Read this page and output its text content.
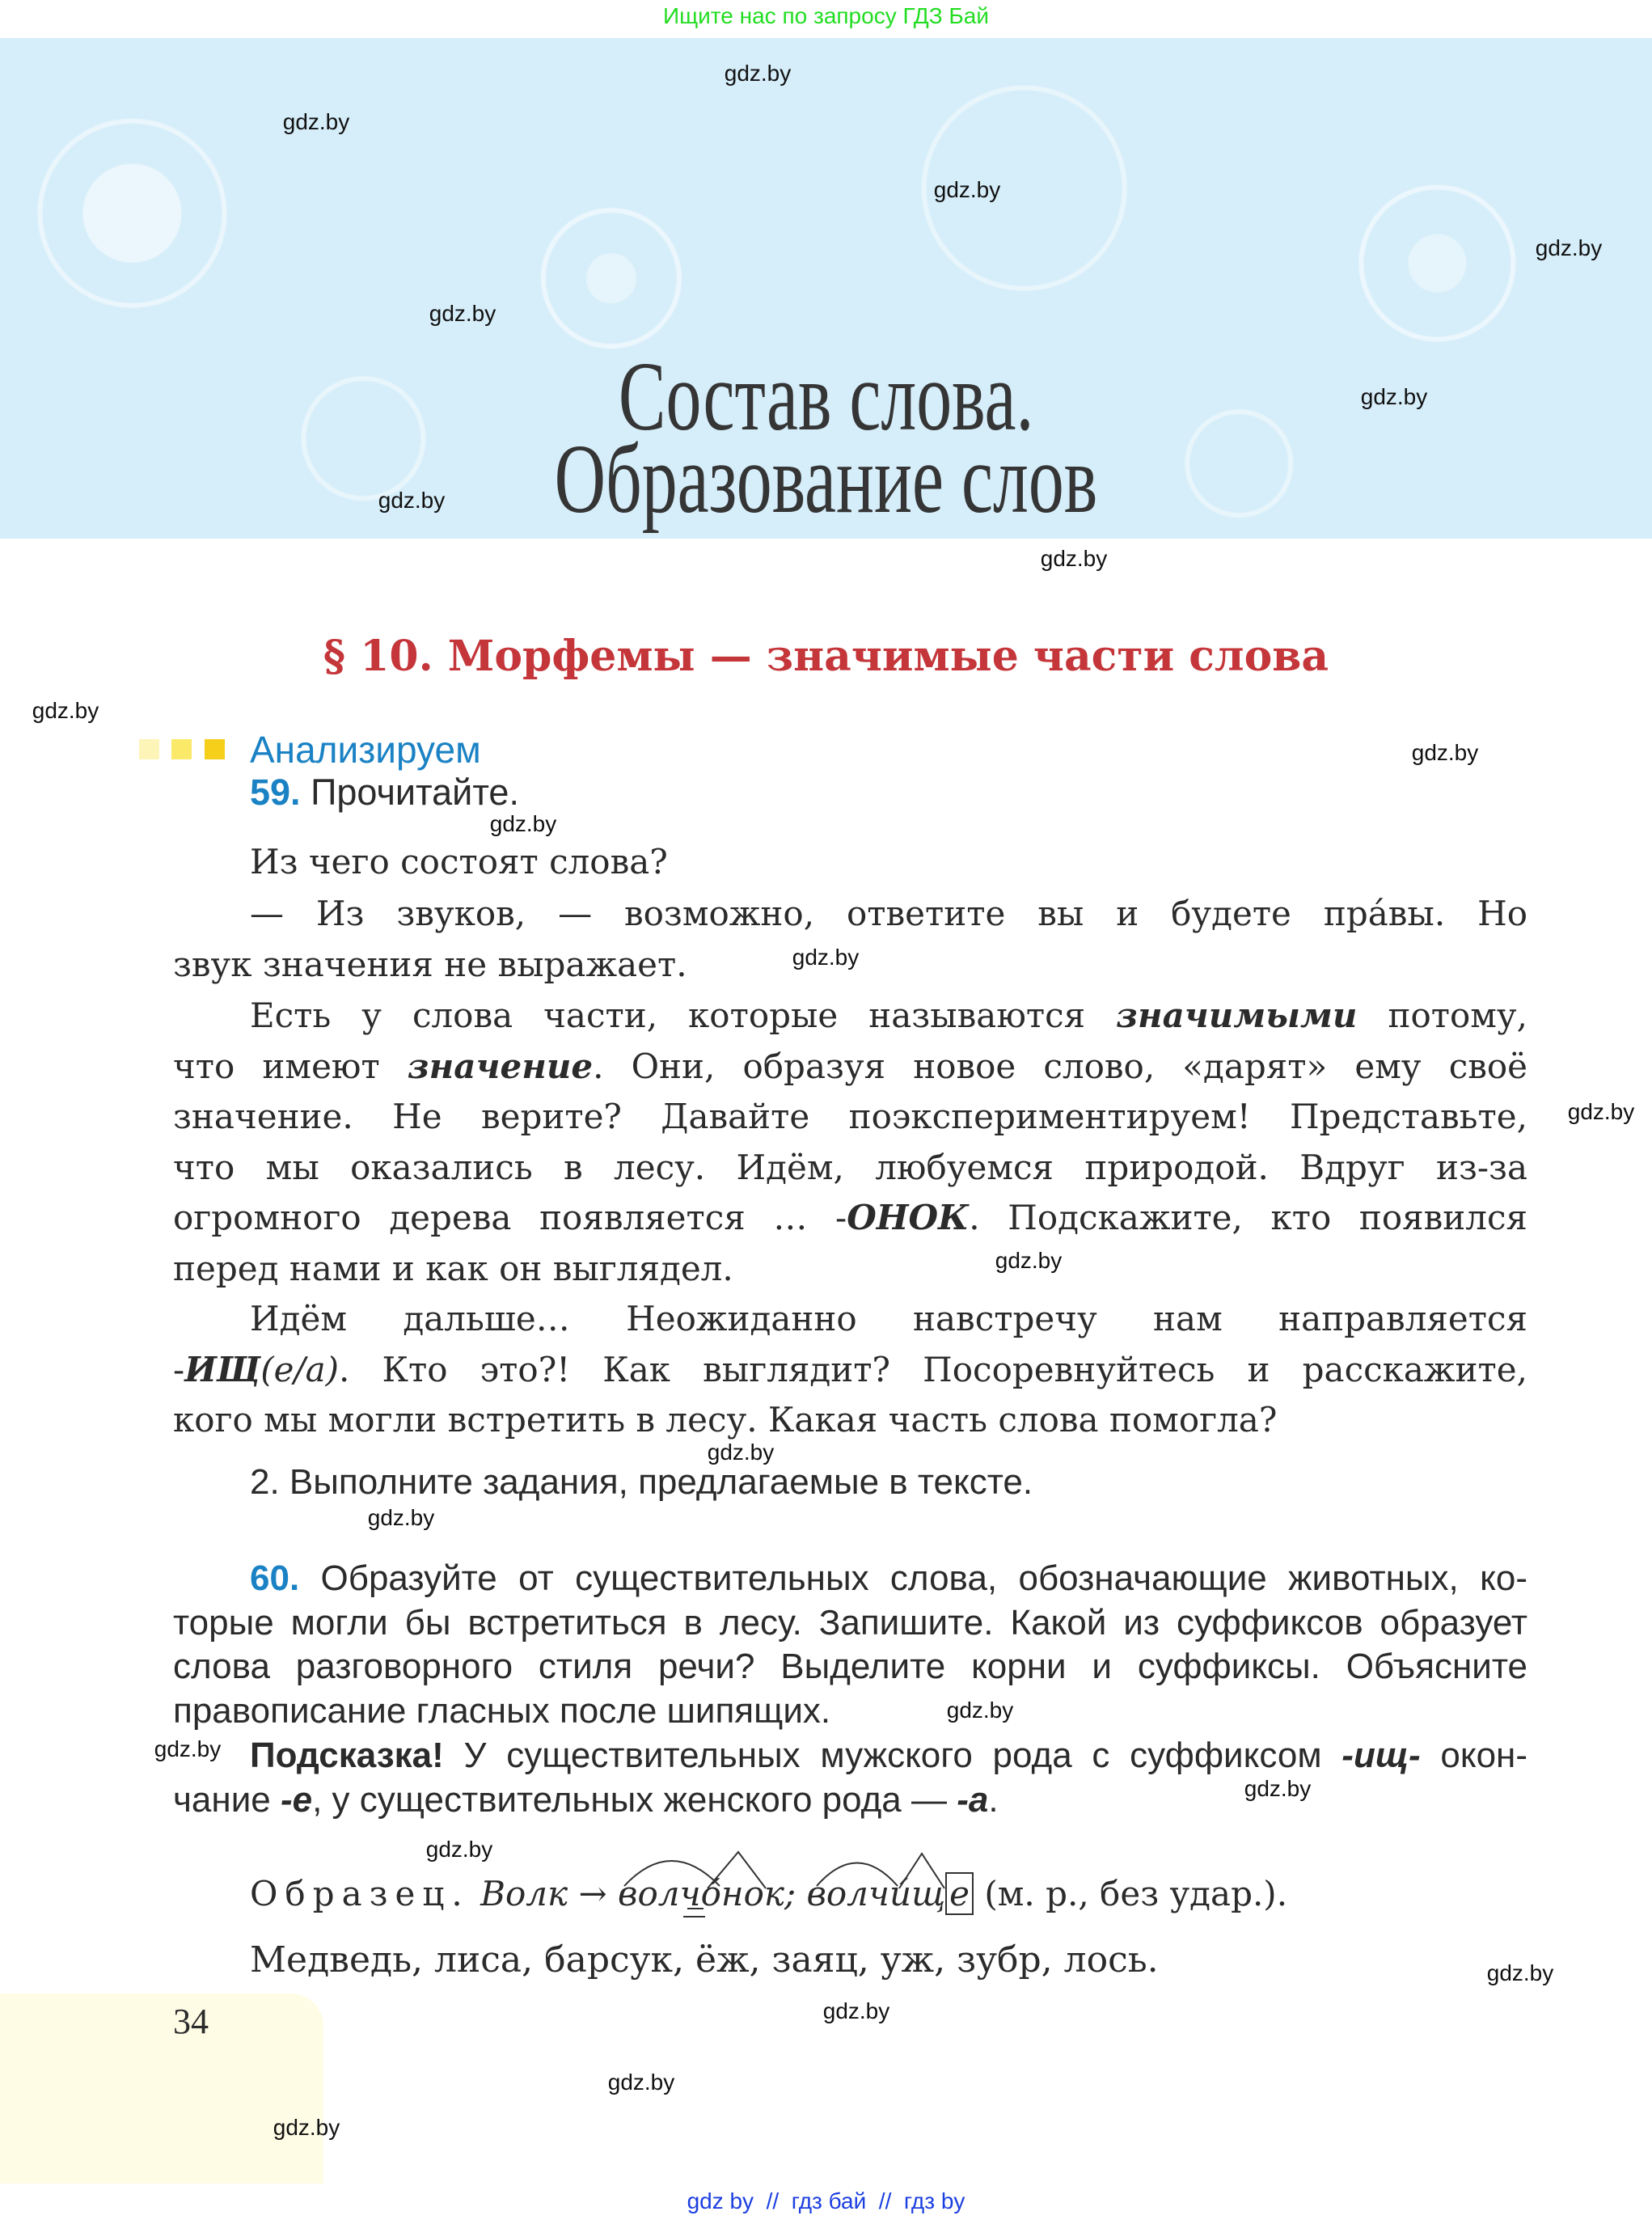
Ищите нас по запросу ГДЗ Бай
Состав слова.
Образование слов
§ 10. Морфемы — значимые части слова
Анализируем
59. Прочитайте.
Из чего состоят слова?
— Из звуков, — возможно, ответите вы и будете пра́вы. Но
звук значения не выражает.
Есть у слова части, которые называются значимыми потому,
что имеют значение. Они, образуя новое слово, «дарят» ему своё
значение. Не верите? Давайте поэкспериментируем! Представьте,
что мы оказались в лесу. Идём, любуемся природой. Вдруг из-за
огромного дерева появляется … -ОНОК. Подскажите, кто появился
перед нами и как он выглядел.
Идём дальше… Неожиданно навстречу нам направляется
-ИЩ(е/а). Кто это?! Как выглядит? Посоревнуйтесь и расскажите,
кого мы могли встретить в лесу. Какая часть слова помогла?
2. Выполните задания, предлагаемые в тексте.
60. Образуйте от существительных слова, обозначающие животных, ко-
торые могли бы встретиться в лесу. Запишите. Какой из суффиксов образует
слова разговорного стиля речи? Выделите корни и суффиксы. Объясните
правописание гласных после шипящих.
Подсказка! У существительных мужского рода с суффиксом -ищ- окон-
чание -е, у существительных женского рода — -а.
Образец. Волк → волчо́нок; волчи́щ е (м. р., без удар.).
Медведь, лиса, барсук, ёж, заяц, уж, зубр, лось.
34
gdz.by
gdz.by
gdz.by
gdz.by
gdz.by
gdz.by
gdz.by
gdz.by
gdz.by
gdz.by
gdz.by
gdz.by
gdz.by
gdz.by
gdz.by
gdz.by
gdz.by
gdz.by
gdz.by
gdz.by
gdz.by
gdz.by
gdz.by
gdz.by
gdz by  //  гдз бай  //  гдз by
